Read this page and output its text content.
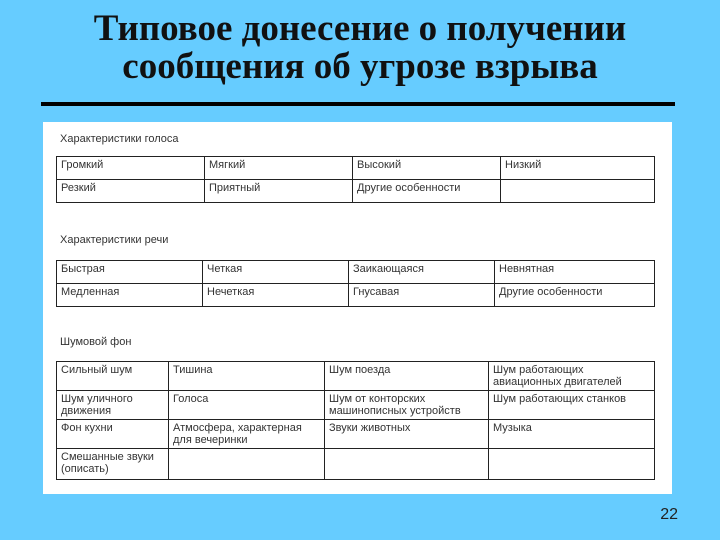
Типовое донесение о получении
сообщения об угрозе взрыва
Характеристики голоса
Громкий	Мягкий	Высокий	Низкий
Резкий	Приятный	Другие особенности	
Характеристики речи
Быстрая	Четкая	Заикающаяся	Невнятная
Медленная	Нечеткая	Гнусавая	Другие особенности
Шумовой фон
Сильный шум	Тишина	Шум поезда	Шум работающих авиационных двигателей
Шум уличного движения	Голоса	Шум от конторских машинописных устройств	Шум работающих станков
Фон кухни	Атмосфера, характерная для вечеринки	Звуки животных	Музыка
Смешанные звуки (описать)			
22
